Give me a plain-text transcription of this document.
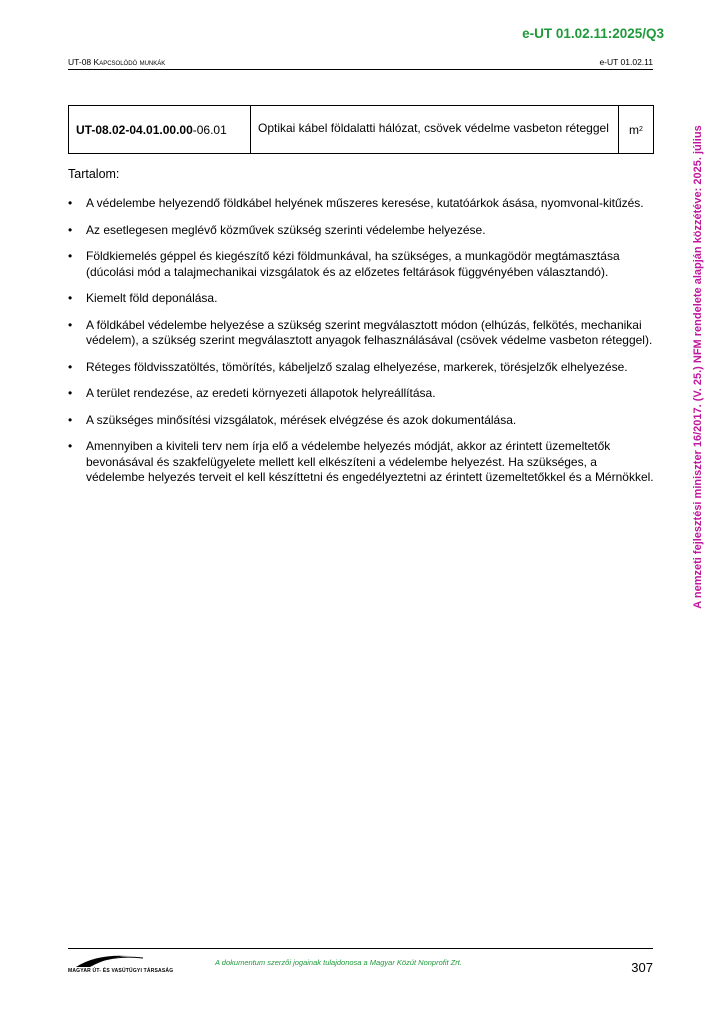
e-UT 01.02.11:2025/Q3
UT-08 Kapcsolódó munkák	e-UT 01.02.11
UT-08.02-04.01.00.00 -06.01	Optikai kábel földalatti hálózat, csövek védelme vasbeton réteggel	m 2
Tartalom:
• A védelembe helyezendő földkábel helyének műszeres keresése, kutatóárkok ásása, nyomvonal-kitűzés.
• Az esetlegesen meglévő közművek szükség szerinti védelembe helyezése.
• Földkiemelés géppel és kiegészítő kézi földmunkával, ha szükséges, a munkagödör megtámasztása (dúcolási mód a talajmechanikai vizsgálatok és az előzetes feltárások függvényében választandó).
• Kiemelt föld deponálása.
• A földkábel védelembe helyezése a szükség szerint megválasztott módon (elhúzás, felkötés, mechanikai védelem), a szükség szerint megválasztott anyagok felhasználásával (csövek védelme vasbeton réteggel).
• Réteges földvisszatöltés, tömörítés, kábeljelző szalag elhelyezése, markerek, törésjelzők elhelyezése.
• A terület rendezése, az eredeti környezeti állapotok helyreállítása.
• A szükséges minősítési vizsgálatok, mérések elvégzése és azok dokumentálása.
• Amennyiben a kiviteli terv nem írja elő a védelembe helyezés módját, akkor az érintett üzemeltetők bevonásával és szakfelügyelete mellett kell elkészíteni a védelembe helyezést. Ha szükséges, a védelembe helyezés terveit el kell készíttetni és engedélyeztetni az érintett üzemeltetőkkel és a Mérnökkel.	A nemzeti fejlesztési miniszter 16/2017. (V. 25.) NFM rendelete alapján közzétéve: 2025. július
MAGYAR ÚT- ÉS VASÚTÜGYI TÁRSASÁG
A dokumentum szerzői jogainak tulajdonosa a Magyar Közút Nonprofit Zrt.	307
